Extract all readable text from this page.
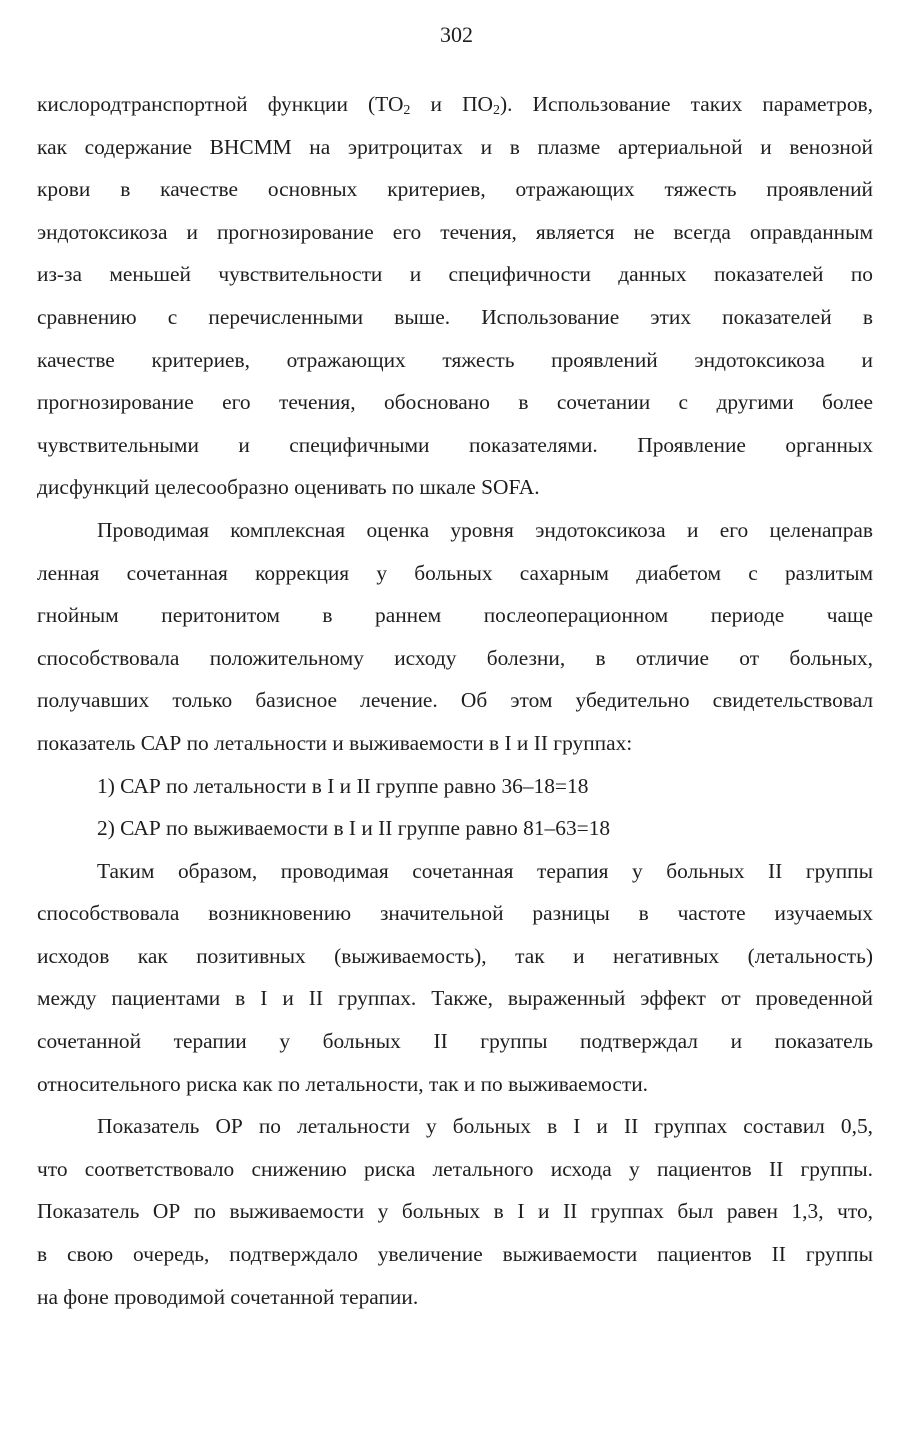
302
кислородтранспортной функции ($ТО_2$ и $ПО_2$). Использование таких параметров,
как содержание ВНСММ на эритроцитах и в плазме артериальной и венозной
крови в качестве основных критериев, отражающих тяжесть проявлений
эндотоксикоза и прогнозирование его течения, является не всегда оправданным
из-за меньшей чувствительности и специфичности данных показателей по
сравнению с перечисленными выше. Использование этих показателей в
качестве критериев, отражающих тяжесть проявлений эндотоксикоза и
прогнозирование его течения, обосновано в сочетании с другими более
чувствительными и специфичными показателями. Проявление органных
дисфункций целесообразно оценивать по шкале SOFA.
Проводимая комплексная оценка уровня эндотоксикоза и его целенаправ
ленная сочетанная коррекция у больных сахарным диабетом с разлитым
гнойным перитонитом в раннем послеоперационном периоде чаще
способствовала положительному исходу болезни, в отличие от больных,
получавших только базисное лечение. Об этом убедительно свидетельствовал
показатель САР по летальности и выживаемости в I и II группах:

1) САР по летальности в I и II группе равно 36–18=18

2) САР по выживаемости в I и II группе равно 81–63=18

Таким образом, проводимая сочетанная терапия у больных II группы
способствовала возникновению значительной разницы в частоте изучаемых
исходов как позитивных (выживаемость), так и негативных (летальность)
между пациентами в I и II группах. Также, выраженный эффект от проведенной
сочетанной терапии у больных II группы подтверждал и показатель
относительного риска как по летальности, так и по выживаемости.
Показатель ОР по летальности у больных в I и II группах составил 0,5,
что соответствовало снижению риска летального исхода у пациентов II группы.
Показатель ОР по выживаемости у больных в I и II группах был равен 1,3, что,
в свою очередь, подтверждало увеличение выживаемости пациентов II группы
на фоне проводимой сочетанной терапии.
